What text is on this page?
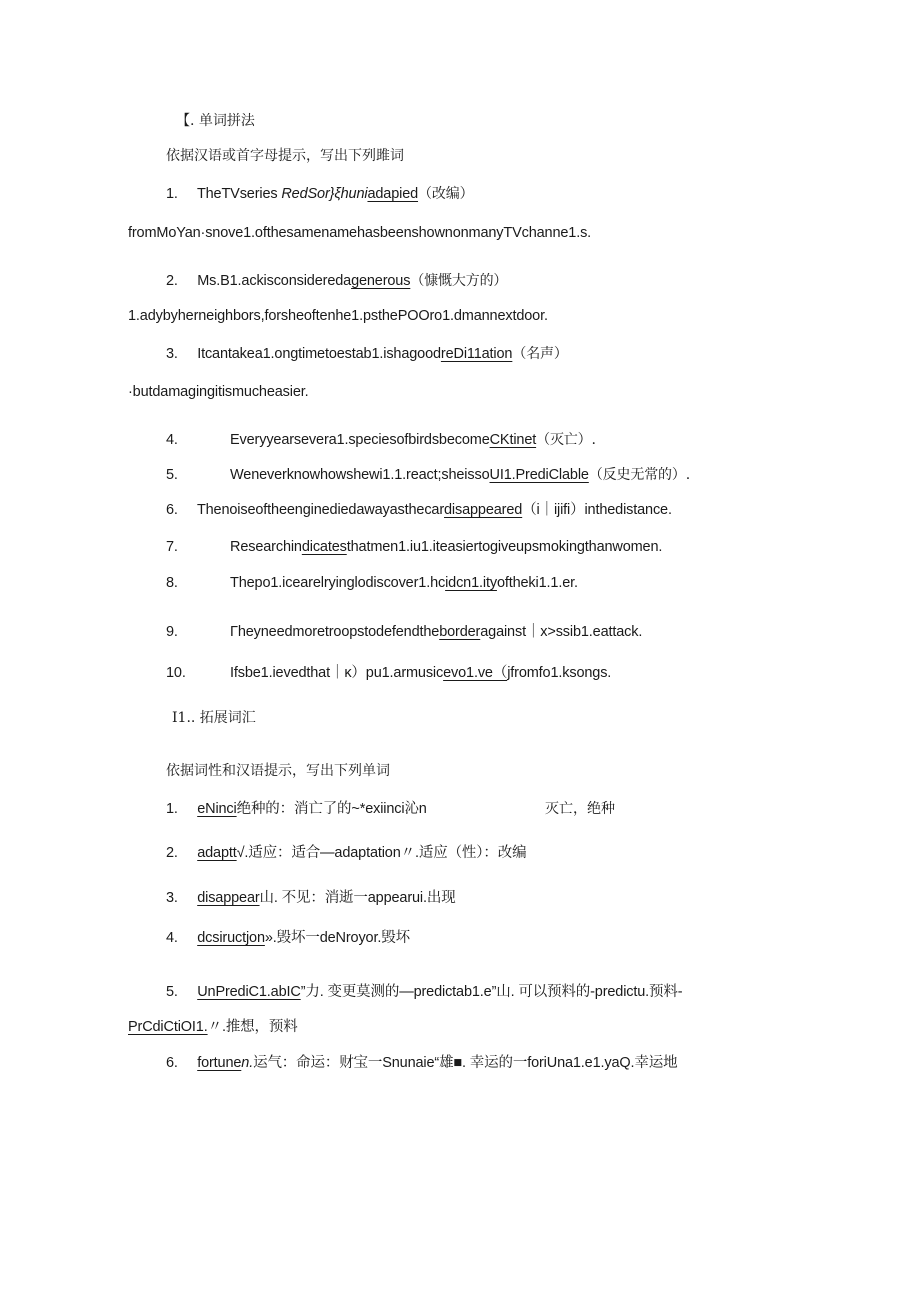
【. 单词拼法
依据汉语或首字母提示，写出下列雎词
1. TheTVseries RedSor}ξhuniadapied（改编）
fromMoYan·snove1.ofthesamenamehasbeenshownonmanyTVchanne1.s.
2. Ms.B1.ackisconsideredagenerous（慷慨大方的）
1.adybyherneighbors,forsheoftenhe1.psthePOOro1.dmannextdoor.
3. Itcantakea1.ongtimetoestab1.ishagoodreDi11ation（名声）
·butdamagingitismucheasier.
4.	Everyyearsevera1.speciesofbirdsbecomeCKtinet（灭亡）.
5.	Weneverknowhowshewi1.1.react;sheissoUI1.PrediClable（反史无常的）.
6. Thenoiseoftheenginediedawayasthecardisappeared（i｜ijifi）inthedistance.
7.	Researchindicatesthatmen1.iu1.iteasiertogiveupsmokingthanwomen.
8.	Thepo1.icearelryinglodiscover1.hcidcn1.ityoftheki1.1.er.
9.	Γheyneedmoretroopstodefendtheborderagainst｜x>ssib1.eattack.
10.	Ifsbe1.ievedthat｜κ）pu1.armusicevo1.ve（jfromfo1.ksongs.
I1.. 拓展词汇
依据词性和汉语提示，写出下列单词
1. eNinci绝种的：消亡了的~*exiinci沁n	灭亡，绝种
2. adaptt√.适应：适合—adaptation〃.适应（性）：改编
3. disappear山. 不见：消逝一appearui.出现
4. dcsiructjon».毁坏一deNroyor.毁坏
5. UnPrediC1.abIC”力. 变更莫测的—predictab1.e”山. 可以预料的-predictu.预料-
PrCdiCtiOI1.〃.推想，预料
6. fortunen.运气：命运：财宝一Snunaie“雄■. 幸运的一foriUna1.e1.yaQ.幸运地
